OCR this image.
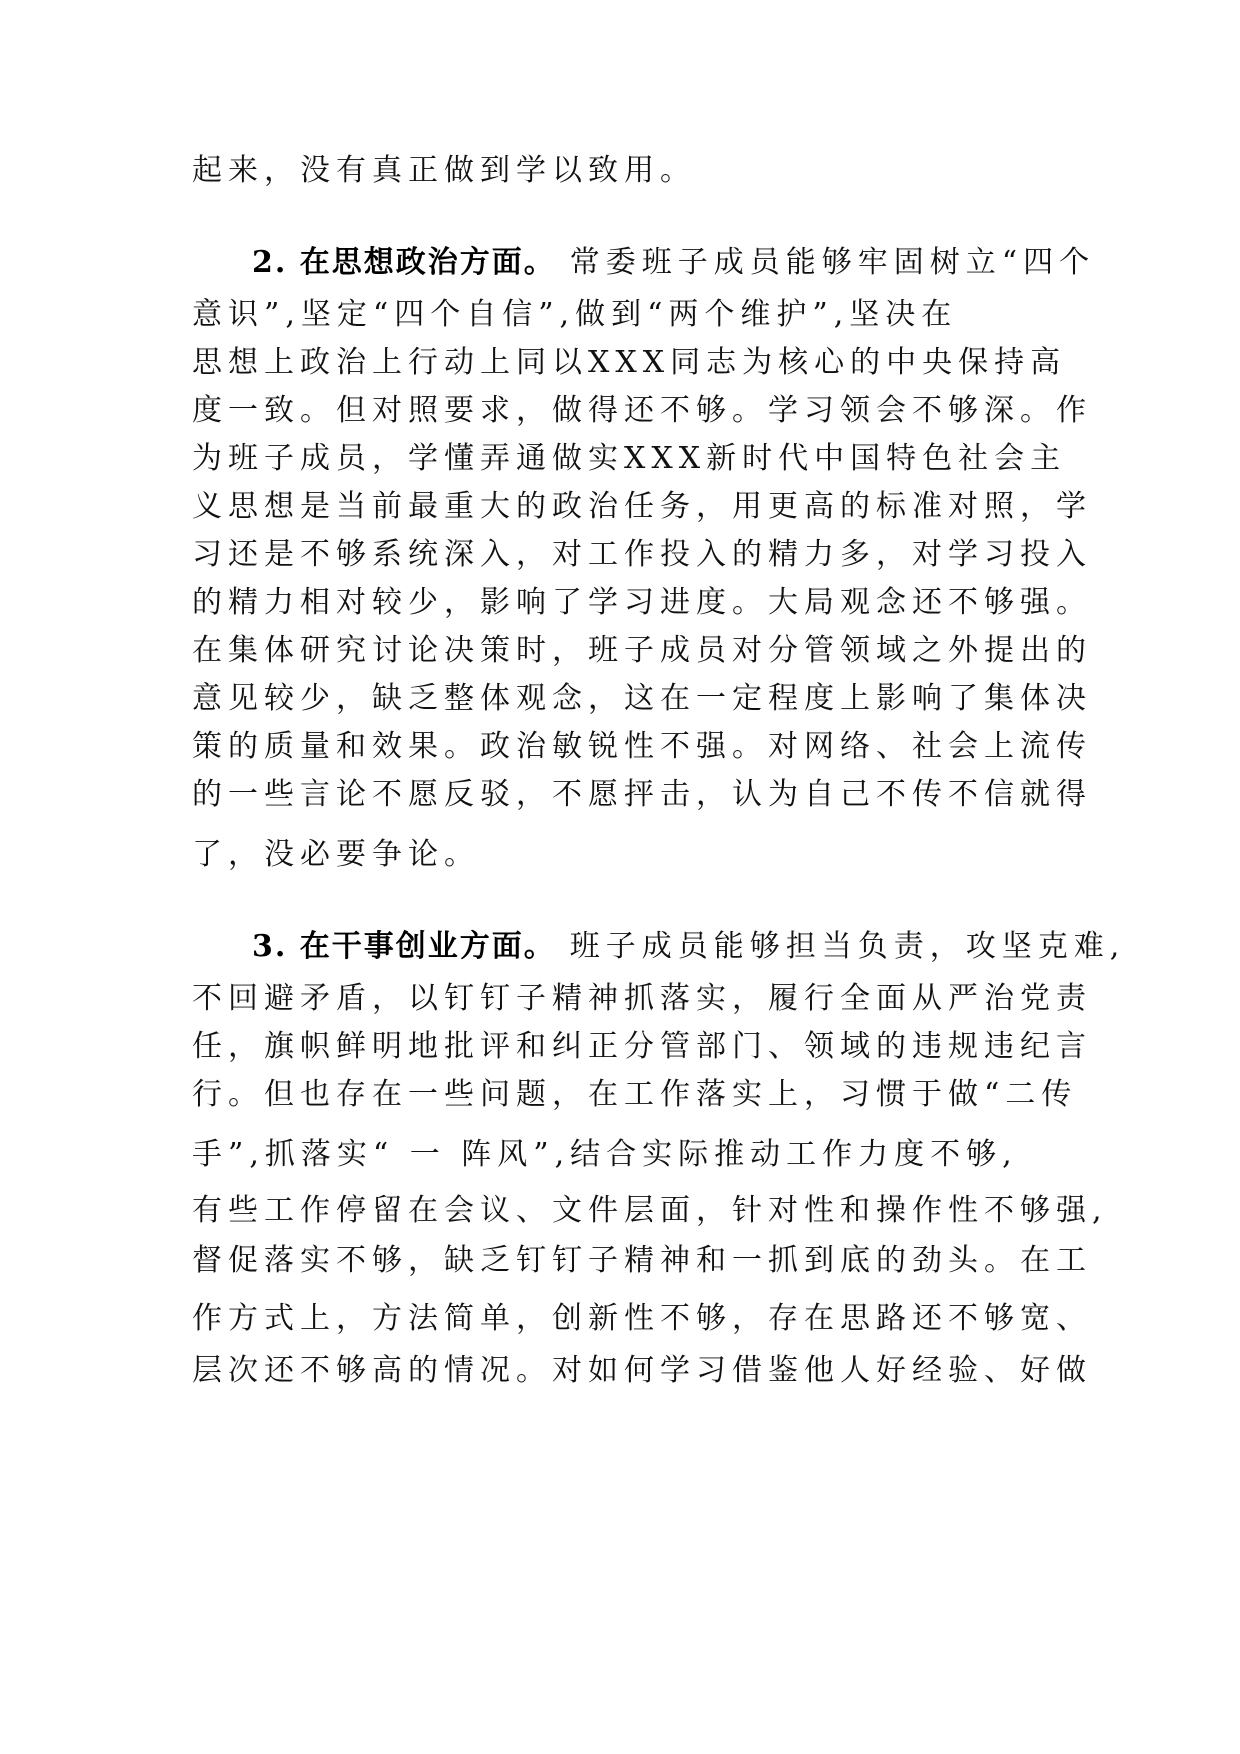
起来，没有真正做到学以致用。
2. 在思想政治方面。 常委班子成员能够牢固树立“四个
意识”,坚定“四个自信”,做到“两个维护”,坚决在
思想上政治上行动上同以XXX同志为核心的中央保持高
度一致。但对照要求，做得还不够。学习领会不够深。作
为班子成员，学懂弄通做实XXX新时代中国特色社会主
义思想是当前最重大的政治任务，用更高的标准对照，学
习还是不够系统深入，对工作投入的精力多，对学习投入
的精力相对较少，影响了学习进度。大局观念还不够强。
在集体研究讨论决策时，班子成员对分管领域之外提出的
意见较少，缺乏整体观念，这在一定程度上影响了集体决
策的质量和效果。政治敏锐性不强。对网络、社会上流传
的一些言论不愿反驳，不愿抨击，认为自己不传不信就得
了，没必要争论。
3. 在干事创业方面。 班子成员能够担当负责，攻坚克难,
不回避矛盾，以钉钉子精神抓落实，履行全面从严治党责
任，旗帜鲜明地批评和纠正分管部门、领域的违规违纪言
行。但也存在一些问题，在工作落实上，习惯于做“二传
手”,抓落实“ 一 阵风”,结合实际推动工作力度不够,
有些工作停留在会议、文件层面，针对性和操作性不够强,
督促落实不够，缺乏钉钉子精神和一抓到底的劲头。在工
作方式上，方法简单，创新性不够，存在思路还不够宽、
层次还不够高的情况。对如何学习借鉴他人好经验、好做
